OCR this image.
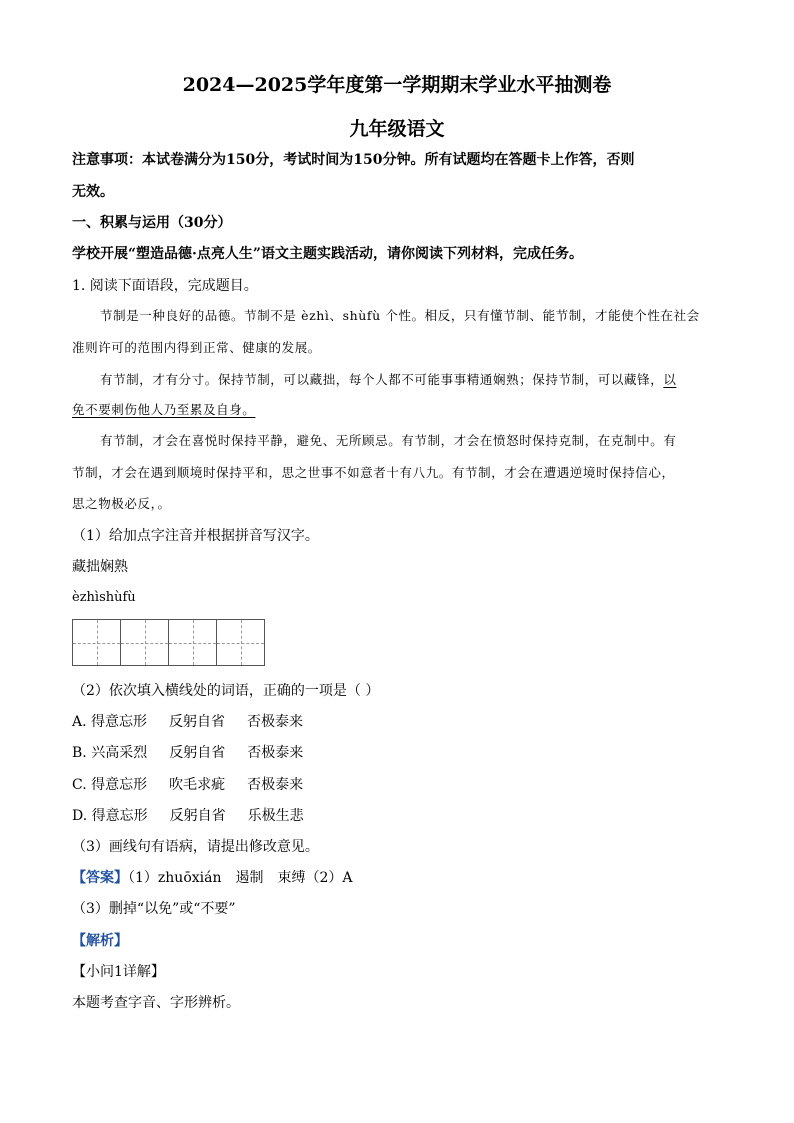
2024—2025学年度第一学期期末学业水平抽测卷
九年级语文
注意事项：本试卷满分为150分，考试时间为150分钟。所有试题均在答题卡上作答，否则
无效。
一、积累与运用（30分）
学校开展“塑造品德·点亮人生”语文主题实践活动，请你阅读下列材料，完成任务。
1. 阅读下面语段，完成题目。
节制是一种良好的品德。节制不是 èzhì、shùfù 个性。相反，只有懂节制、能节制，才能使个性在社会
准则许可的范围内得到正常、健康的发展。
有节制，才有分寸。保持节制，可以藏拙，每个人都不可能事事精通娴熟；保持节制，可以藏锋，以
免不要刺伤他人乃至累及自身。
有节制，才会在喜悦时保持平静，避免、无所顾忌。有节制，才会在愤怒时保持克制，在克制中。有
节制，才会在遇到顺境时保持平和，思之世事不如意者十有八九。有节制，才会在遭遇逆境时保持信心，
思之物极必反，。
（1）给加点字注音并根据拼音写汉字。
藏拙娴熟
èzhìshùfù
（2）依次填入横线处的词语，正确的一项是（ ）
A. 得意忘形 反躬自省 否极泰来
B. 兴高采烈 反躬自省 否极泰来
C. 得意忘形 吹毛求疵 否极泰来
D. 得意忘形 反躬自省 乐极生悲
（3）画线句有语病，请提出修改意见。
【答案】（1）zhuōxián　遏制　束缚（2）A
（3）删掉“以免”或“不要”
【解析】
【小问1详解】
本题考查字音、字形辨析。
